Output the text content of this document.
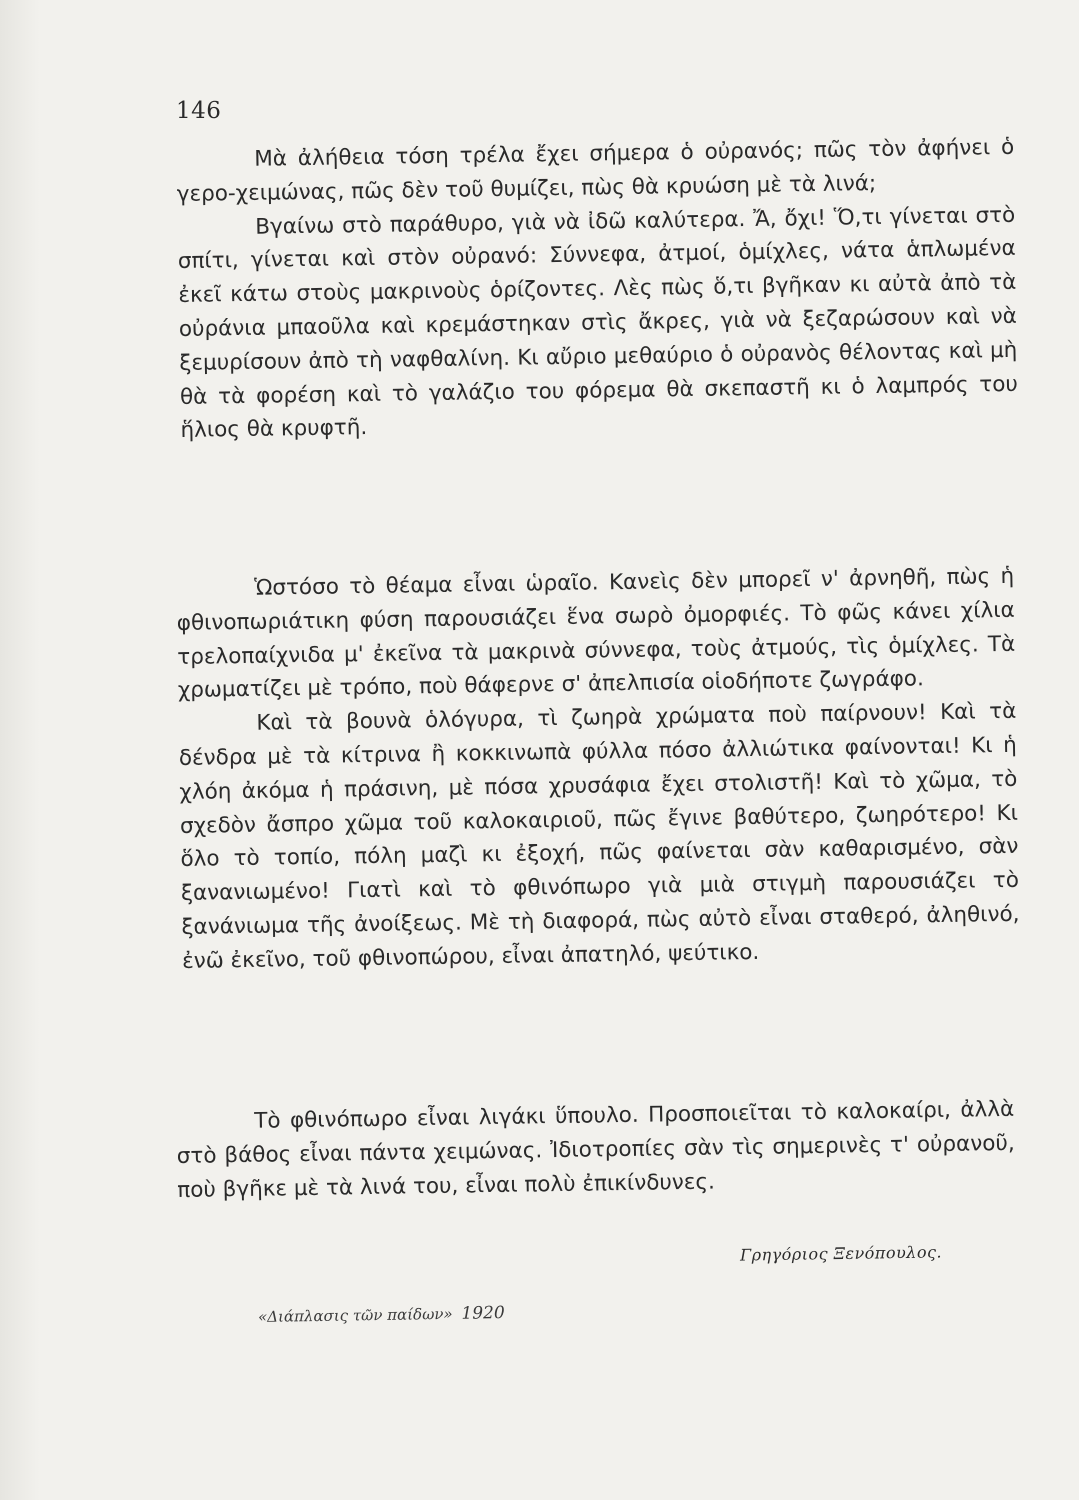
146

Μὰ ἀλήθεια τόση τρέλα ἔχει σήμερα ὁ οὐρανός; πῶς τὸν ἀφήνει ὁ γερο-χειμώνας, πῶς δὲν τοῦ θυμίζει, πὼς θὰ κρυώση μὲ τὰ λινά;

Βγαίνω στὸ παράθυρο, γιὰ νὰ ἰδῶ καλύτερα. Ἄ, ὄχι! Ὅ,τι γίνεται στὸ σπίτι, γίνεται καὶ στὸν οὐρανό: Σύννεφα, ἀτμοί, ὁμίχλες, νάτα ἁπλωμένα ἐκεῖ κάτω στοὺς μακρινοὺς ὁρίζοντες. Λὲς πὼς ὅ,τι βγῆκαν κι αὐτὰ ἀπὸ τὰ οὐράνια μπαοῦλα καὶ κρεμάστηκαν στὶς ἄκρες, γιὰ νὰ ξεζαρώσουν καὶ νὰ ξεμυρίσουν ἀπὸ τὴ ναφθαλίνη. Κι αὔριο μεθαύριο ὁ οὐρανὸς θέλοντας καὶ μὴ θὰ τὰ φορέση καὶ τὸ γαλάζιο του φόρεμα θὰ σκεπαστῆ κι ὁ λαμπρός του ἥλιος θὰ κρυφτῆ.

Ὡστόσο τὸ θέαμα εἶναι ὡραῖο. Κανεὶς δὲν μπορεῖ ν' ἀρνηθῆ, πὼς ἡ φθινοπωριάτικη φύση παρουσιάζει ἕνα σωρὸ ὀμορφιές. Τὸ φῶς κάνει χίλια τρελοπαίχνιδα μ' ἐκεῖνα τὰ μακρινὰ σύννεφα, τοὺς ἀτμούς, τὶς ὁμίχλες. Τὰ χρωματίζει μὲ τρόπο, ποὺ θάφερνε σ' ἀπελπισία οἱοδήποτε ζωγράφο.

Καὶ τὰ βουνὰ ὁλόγυρα, τὶ ζωηρὰ χρώματα ποὺ παίρνουν! Καὶ τὰ δένδρα μὲ τὰ κίτρινα ἢ κοκκινωπὰ φύλλα πόσο ἀλλιώτικα φαίνονται! Κι ἡ χλόη ἀκόμα ἡ πράσινη, μὲ πόσα χρυσάφια ἔχει στολιστῆ! Καὶ τὸ χῶμα, τὸ σχεδὸν ἄσπρο χῶμα τοῦ καλοκαιριοῦ, πῶς ἔγινε βαθύτερο, ζωηρότερο! Κι ὅλο τὸ τοπίο, πόλη μαζὶ κι ἐξοχή, πῶς φαίνεται σὰν καθαρισμένο, σὰν ξανανιωμένο! Γιατὶ καὶ τὸ φθινόπωρο γιὰ μιὰ στιγμὴ παρουσιάζει τὸ ξανάνιωμα τῆς ἀνοίξεως. Μὲ τὴ διαφορά, πὼς αὐτὸ εἶναι σταθερό, ἀληθινό, ἐνῶ ἐκεῖνο, τοῦ φθινοπώρου, εἶναι ἀπατηλό, ψεύτικο.

Τὸ φθινόπωρο εἶναι λιγάκι ὕπουλο. Προσποιεῖται τὸ καλοκαίρι, ἀλλὰ στὸ βάθος εἶναι πάντα χειμώνας. Ἰδιοτροπίες σὰν τὶς σημερινὲς τ' οὐρανοῦ, ποὺ βγῆκε μὲ τὰ λινά του, εἶναι πολὺ ἐπικίνδυνες.

Γρηγόριος Ξενόπουλος.
«Διάπλασις τῶν παίδων» 1920
